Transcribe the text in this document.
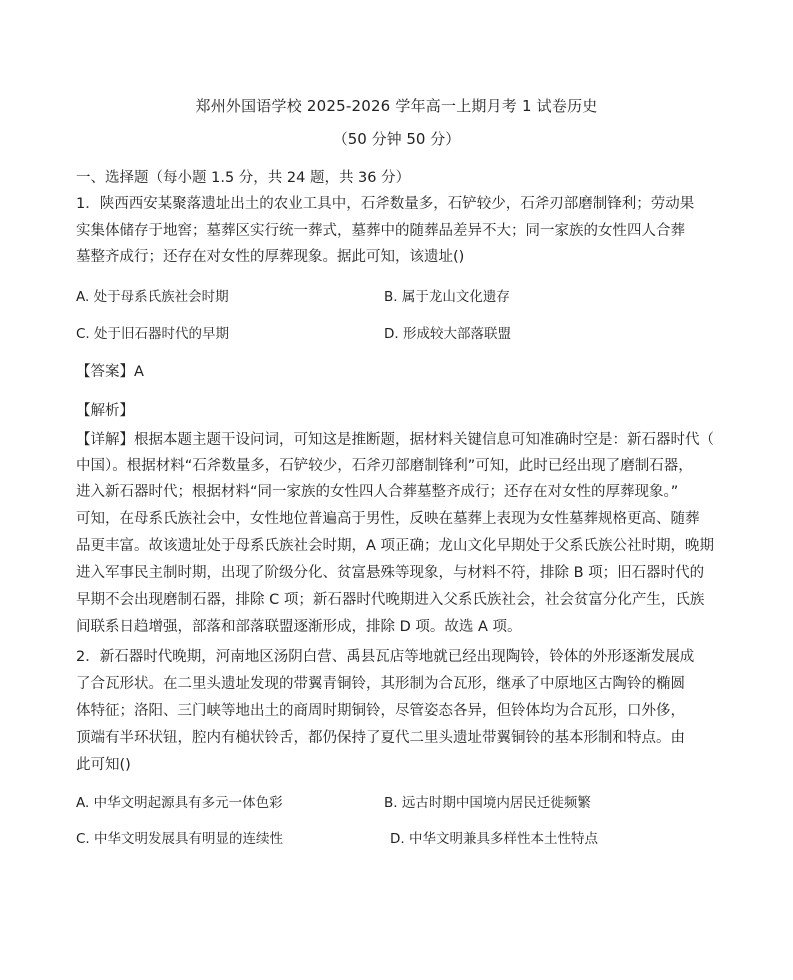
郑州外国语学校 2025-2026 学年高一上期月考 1 试卷历史
（50 分钟 50 分）
一、选择题（每小题 1.5 分，共 24 题，共 36 分）
1．陕西西安某聚落遗址出土的农业工具中，石斧数量多，石铲较少，石斧刃部磨制锋利；劳动果
实集体储存于地窖；墓葬区实行统一葬式，墓葬中的随葬品差异不大；同一家族的女性四人合葬
墓整齐成行；还存在对女性的厚葬现象。据此可知，该遗址()
A. 处于母系氏族社会时期	B. 属于龙山文化遗存
C. 处于旧石器时代的早期	D. 形成较大部落联盟
【答案】A
【解析】
【详解】根据本题主题干设问词，可知这是推断题，据材料关键信息可知准确时空是：新石器时代（
中国）。根据材料“石斧数量多，石铲较少，石斧刃部磨制锋利”可知，此时已经出现了磨制石器，
进入新石器时代；根据材料“同一家族的女性四人合葬墓整齐成行；还存在对女性的厚葬现象。”
可知，在母系氏族社会中，女性地位普遍高于男性，反映在墓葬上表现为女性墓葬规格更高、随葬
品更丰富。故该遗址处于母系氏族社会时期，A 项正确；龙山文化早期处于父系氏族公社时期，晚期
进入军事民主制时期，出现了阶级分化、贫富悬殊等现象，与材料不符，排除 B 项；旧石器时代的
早期不会出现磨制石器，排除 C 项；新石器时代晚期进入父系氏族社会，社会贫富分化产生，氏族
间联系日趋增强，部落和部落联盟逐渐形成，排除 D 项。故选 A 项。
2．新石器时代晚期，河南地区汤阴白营、禹县瓦店等地就已经出现陶铃，铃体的外形逐渐发展成
了合瓦形状。在二里头遗址发现的带翼青铜铃，其形制为合瓦形，继承了中原地区古陶铃的椭圆
体特征；洛阳、三门峡等地出土的商周时期铜铃，尽管姿态各异，但铃体均为合瓦形，口外侈，
顶端有半环状钮，腔内有槌状铃舌，都仍保持了夏代二里头遗址带翼铜铃的基本形制和特点。由
此可知()
A. 中华文明起源具有多元一体色彩	B. 远古时期中国境内居民迁徙频繁
C. 中华文明发展具有明显的连续性	D. 中华文明兼具多样性本土性特点
